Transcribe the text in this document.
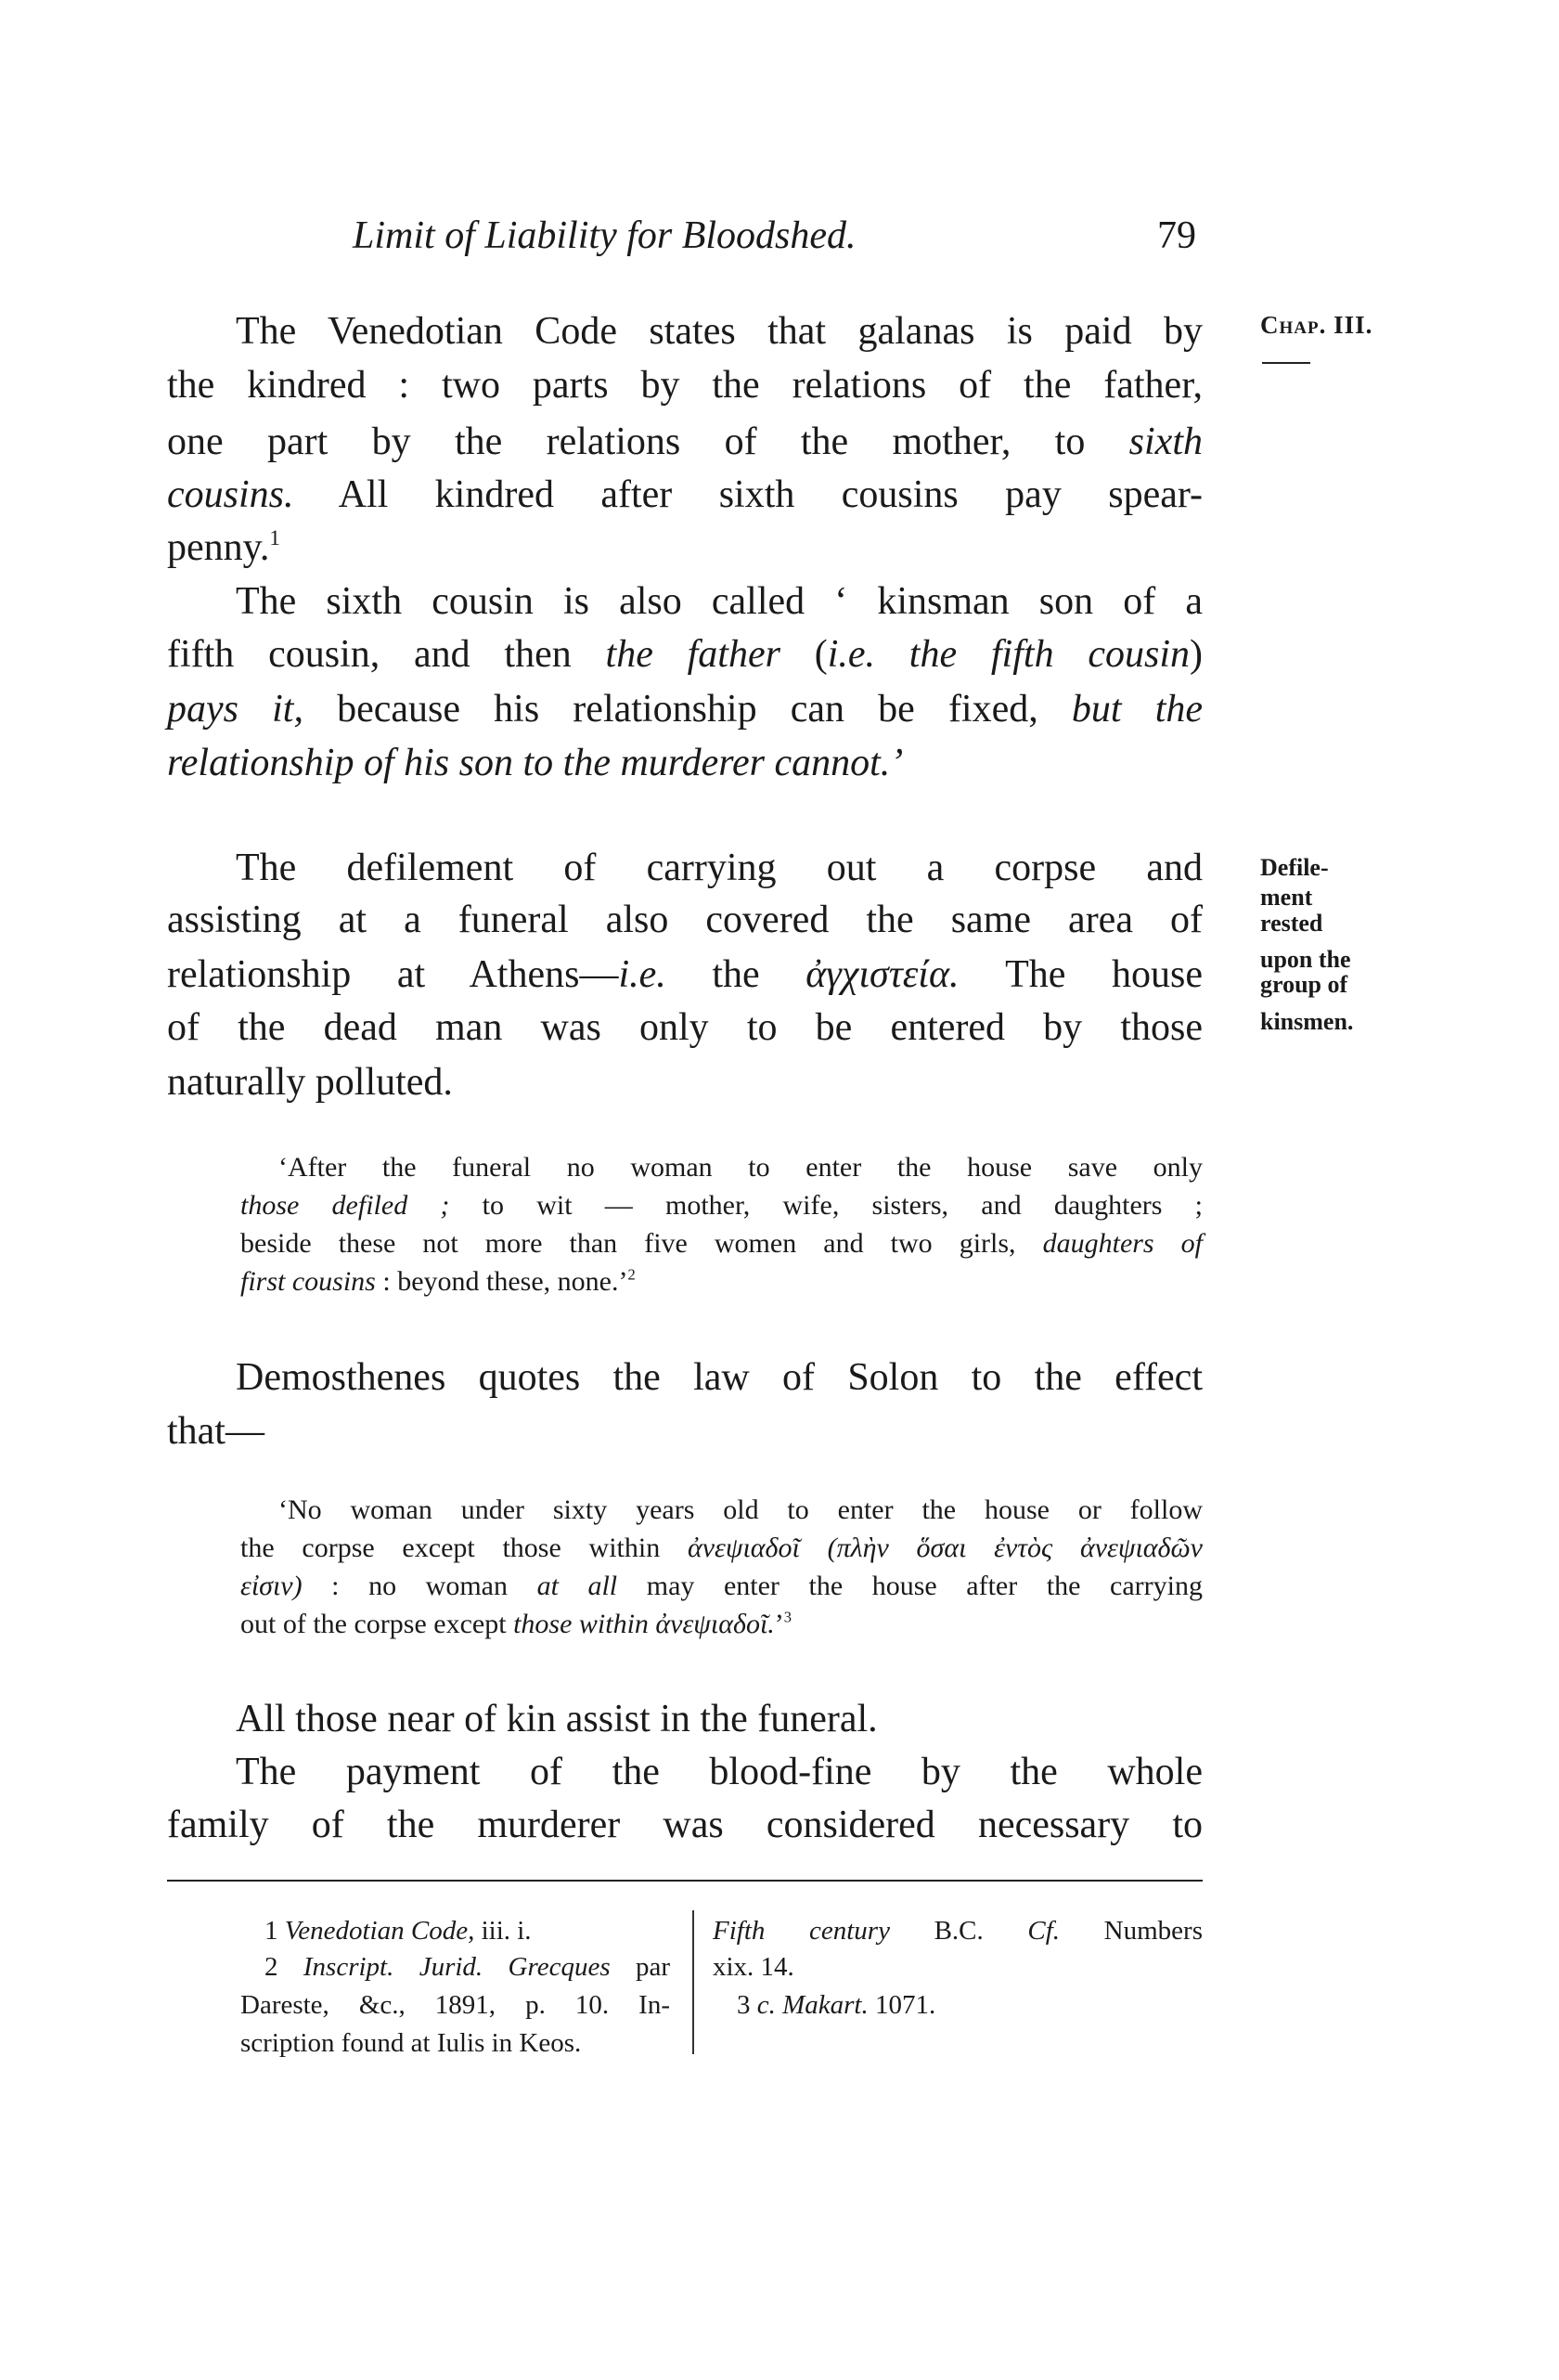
Limit of Liability for Bloodshed.	79
Chap. III.
Defile-
ment
rested
upon the
group of
kinsmen.
The Venedotian Code states that galanas is paid by
the kindred : two parts by the relations of the father,
one part by the relations of the mother, to sixth
cousins. All kindred after sixth cousins pay spear-
penny.$^1$
The sixth cousin is also called ‘ kinsman son of a
fifth cousin, and then the father (i.e. the fifth cousin)
pays it, because his relationship can be fixed, but the
relationship of his son to the murderer cannot.’
The defilement of carrying out a corpse and
assisting at a funeral also covered the same area of
relationship at Athens—i.e. the ἀγχιστεία. The house
of the dead man was only to be entered by those
naturally polluted.
‘After the funeral no woman to enter the house save only
those defiled ; to wit — mother, wife, sisters, and daughters ;
beside these not more than five women and two girls, daughters of
first cousins : beyond these, none.’$^2$
Demosthenes quotes the law of Solon to the effect
that—
‘No woman under sixty years old to enter the house or follow
the corpse except those within ἀνεψιαδοῖ (πλὴν ὅσαι ἐντὸς ἀνεψιαδῶν
εἰσιν) : no woman at all may enter the house after the carrying
out of the corpse except those within ἀνεψιαδοῖ.’$^3$
All those near of kin assist in the funeral.
The payment of the blood-fine by the whole
family of the murderer was considered necessary to
1 Venedotian Code, iii. i.
2 Inscript. Jurid. Grecques par
Dareste, &c., 1891, p. 10. In-
scription found at Iulis in Keos.
Fifth century B.C. Cf. Numbers
xix. 14.
3 c. Makart. 1071.
